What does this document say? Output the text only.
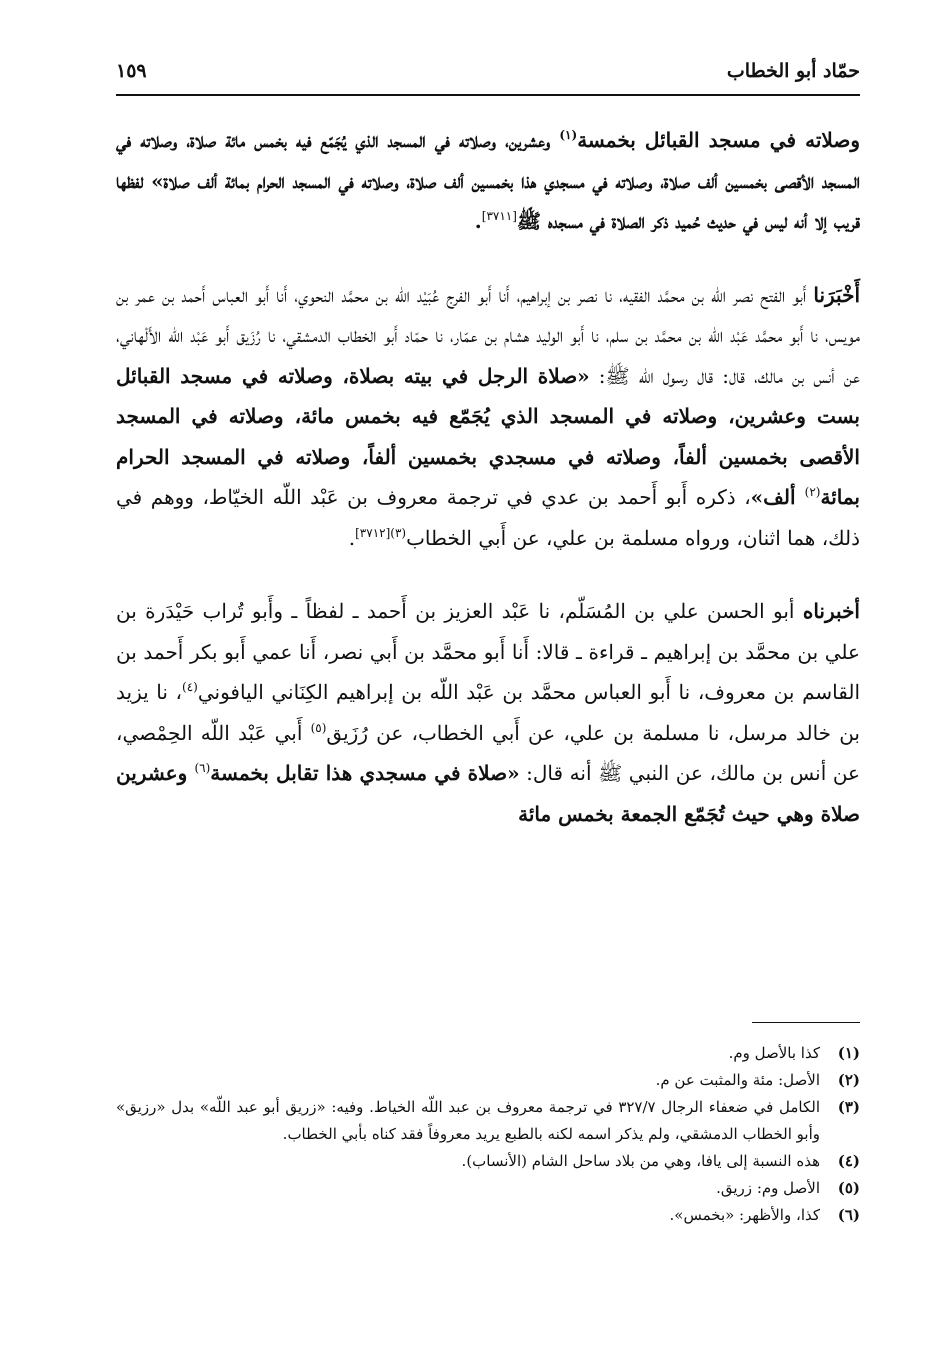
حمّاد أبو الخطاب
١٥٩

وصلاته في مسجد القبائل بخمسة$^{(١)}$ وعشرين، وصلاته في المسجد الذي يُجَمّع فيه بخمس مائة صلاة، وصلاته في المسجد الأقصى بخمسين ألف صلاة، وصلاته في مسجدي هذا بخمسين ألف صلاة، وصلاته في المسجد الحرام بمائة ألف صلاة» لفظها قريب إلا أنه ليس في حديث حُميد ذكر الصلاة في مسجده ﷺ[٣٧١١].

أَخْبَرَنا أَبو الفتح نصر اللّه بن محمَّد الفقيه، نا نصر بن إبراهيم، أَنا أَبو الفرج عُبَيْد اللّه بن محمَّد النحوي، أَنا أَبو العباس أَحمد بن عمر بن مويس، نا أَبو محمَّد عَبْد اللّه بن محمَّد بن سلم، نا أَبو الوليد هشام بن عمّار، نا حمّاد أَبو الخطاب الدمشقي، نا رُزَيق أَبو عَبْد اللّه الأَلْهاني، عن أنس بن مالك، قال: قال رسول الله ﷺ: «صلاة الرجل في بيته بصلاة، وصلاته في مسجد القبائل بست وعشرين، وصلاته في المسجد الذي يُجَمّع فيه بخمس مائة، وصلاته في المسجد الأقصى بخمسين ألفاً، وصلاته في مسجدي بخمسين ألفاً، وصلاته في المسجد الحرام بمائة$^{(٢)}$ ألف»، ذكره أَبو أَحمد بن عدي في ترجمة معروف بن عَبْد اللّه الخيّاط، ووهم في ذلك، هما اثنان، ورواه مسلمة بن علي، عن أَبي الخطاب$^{(٣)[٣٧١٢]}$.

أخبرناه أبو الحسن علي بن المُسَلّم، نا عَبْد العزيز بن أَحمد ـ لفظاً ـ وأَبو تُراب حَيْدَرة بن علي بن محمَّد بن إبراهيم ـ قراءة ـ قالا: أَنا أَبو محمَّد بن أَبي نصر، أَنا عمي أَبو بكر أَحمد بن القاسم بن معروف، نا أَبو العباس محمَّد بن عَبْد اللّه بن إبراهيم الكِنَاني اليافوني$^{(٤)}$، نا يزيد بن خالد مرسل، نا مسلمة بن علي، عن أَبي الخطاب، عن رُزَيق$^{(٥)}$ أَبي عَبْد اللّه الحِمْصي، عن أنس بن مالك، عن النبي ﷺ أنه قال: «صلاة في مسجدي هذا تقابل بخمسة$^{(٦)}$ وعشرين صلاة وهي حيث تُجَمّع الجمعة بخمس مائة

(١)
كذا بالأصل وم.
(٢)
الأصل: مئة والمثبت عن م.
(٣)
الكامل في ضعفاء الرجال ٣٢٧/٧ في ترجمة معروف بن عبد اللّه الخياط. وفيه: «زريق أبو عبد اللّه» بدل «رزيق» وأبو الخطاب الدمشقي، ولم يذكر اسمه لكنه بالطبع يريد معروفاً فقد كناه بأبي الخطاب.
(٤)
هذه النسبة إلى يافا، وهي من بلاد ساحل الشام (الأنساب).
(٥)
الأصل وم: زريق.
(٦)
كذا، والأظهر: «بخمس».
